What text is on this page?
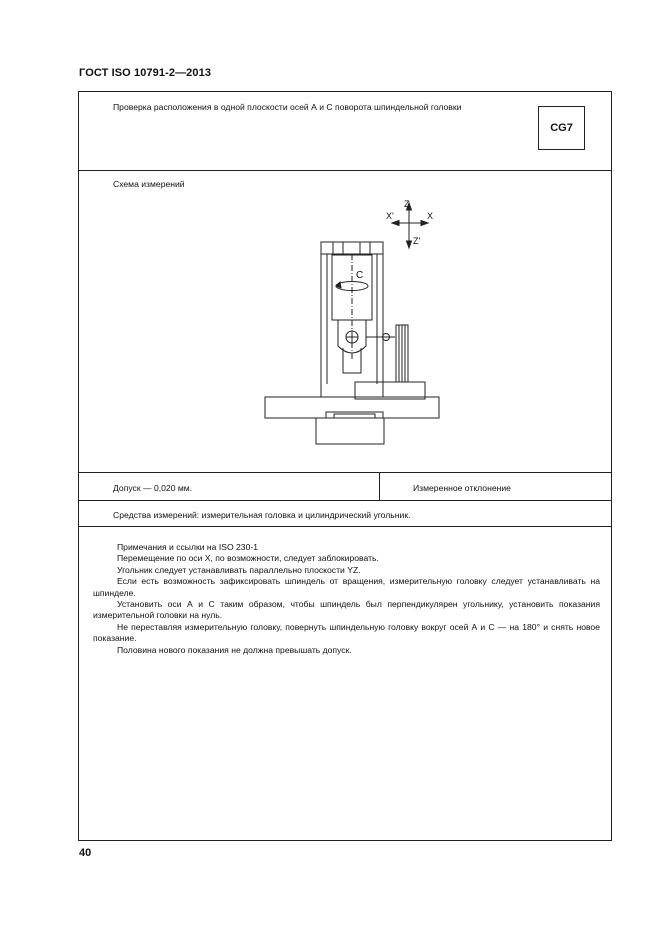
ГОСТ ISO 10791-2—2013
Проверка расположения в одной плоскости осей А и С поворота шпиндельной головки
CG7
Схема измерений
Z
X'	X
Z'
C
Допуск — 0,020 мм.	Измеренное отклонение
Средства измерений: измерительная головка и цилиндрический угольник.

Примечания и ссылки на ISO 230-1

Перемещение по оси X, по возможности, следует заблокировать.

Угольник следует устанавливать параллельно плоскости YZ.

Если есть возможность зафиксировать шпиндель от вращения, измерительную головку следует устанавливать на шпинделе.

Установить оси А и С таким образом, чтобы шпиндель был перпендикулярен угольнику, установить показания измерительной головки на нуль.

Не переставляя измерительную головку, повернуть шпиндельную головку вокруг осей А и С — на 180° и снять новое показание.

Половина нового показания не должна превышать допуск.

40
